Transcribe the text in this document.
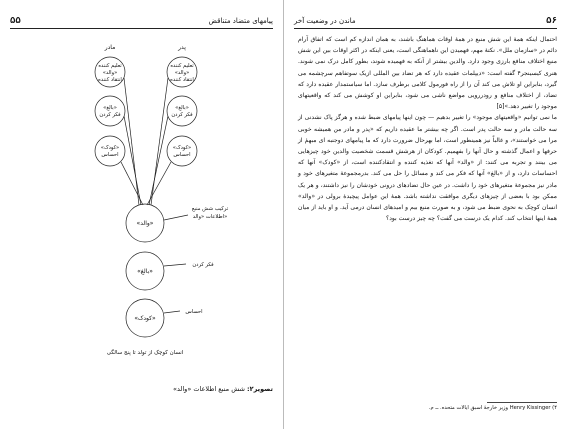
۵۵	پیامهای متضاد متناقض
پدر
تعلیم کننده
«والد»
انتقاد کننده
«بالغ»
فکر کردن
«کودک»
احساس
مادر
تعلیم کننده
«والد»
انتقاد کننده
«بالغ»
فکر کردن
«کودک»
احساس
«والد»
«بالغ»
«کودک»
ترکیب شش منبع
اطلاعات «والد»
فکر کردن
احساس
انسان کوچک از تولد تا پنج سالگی
تصویر۲: شش منبع اطلاعات «والد»
۵۶
ماندن در وضعیت آخر

احتمال اینکه همهٔ این شش منبع در همهٔ اوقات هماهنگ باشند، به همان اندازه کم است که اتفاق آرام دائم در «سازمان ملل». نکتهٔ مهم، فهمیدن این ناهماهنگی است، یعنی اینکه در اکثر اوقات بین این شش منبع اختلاف منافع بارزی وجود دارد. والدین بیشتر از آنکه به فهمیده شوند، بطور کامل درک نمی شوند. هنری کیسینجر۴ گفته است: «دیپلمات عقیده دارد که هر تضاد بین المللی ازیک سوتفاهم سرچشمه می گیرد، بنابراین او تلاش می کند آن را از راه فورمول کلامی برطرف سازد. اما سیاستمدار عقیده دارد که تضاد، از اختلاف منافع و رودررویی مواضع ناشی می شود، بنابراین او کوشش می کند که واقعیتهای موجود را تغییر دهد.»[۵]

ما نمی توانیم «واقعیتهای موجود» را تغییر بدهیم — چون اینها پیامهای ضبط شده و هرگز پاک نشدنی از سه حالت مادر و سه حالت پدر است. اگر چه بیشتر ما عقیده داریم که «پدر و مادر من همیشه خوبی مرا می خواستند»، و غالباً نیز همینطور است، اما بهرحال ضرورت دارد که ما پیامهای دوجنبه ای مبهمٔ از حرفها و اعمال گذشته و حال آنها را بفهمیم. کودکان از هرشش قسمت شخصیت والدین خود چیزهایی می بینند و تجربه می کنند: از «والد» آنها که تغذیه کننده و انتقادکننده است، از «کودک» آنها که احساسات دارد، و از «بالغ» آنها که فکر می کند و مسائل را حل می کند. بدرمجموعهٔ متغیرهای خود و مادر نیز مجموعهٔ متغیرهای خود را داشت. در عین حال تضادهای درونی خودشان را نیز داشتند، و هر یک ممکن بود با بعضی از چیزهای دیگری موافقت نداشته باشد. همهٔ این عوامل پیچیدهٔ برولی در «والد» انسان کوچک به نحوی ضبط می شود، و به صورت منبع بیم و امیدهای انسان درمی آید. و او باید از میان همهٔ اینها انتخاب کند. کدام یک درست می گفت؟ چه چیز درست بود؟

۴) Henry Kissinger وزیر خارجهٔ اسبق ایالات متحده. ــ م.
